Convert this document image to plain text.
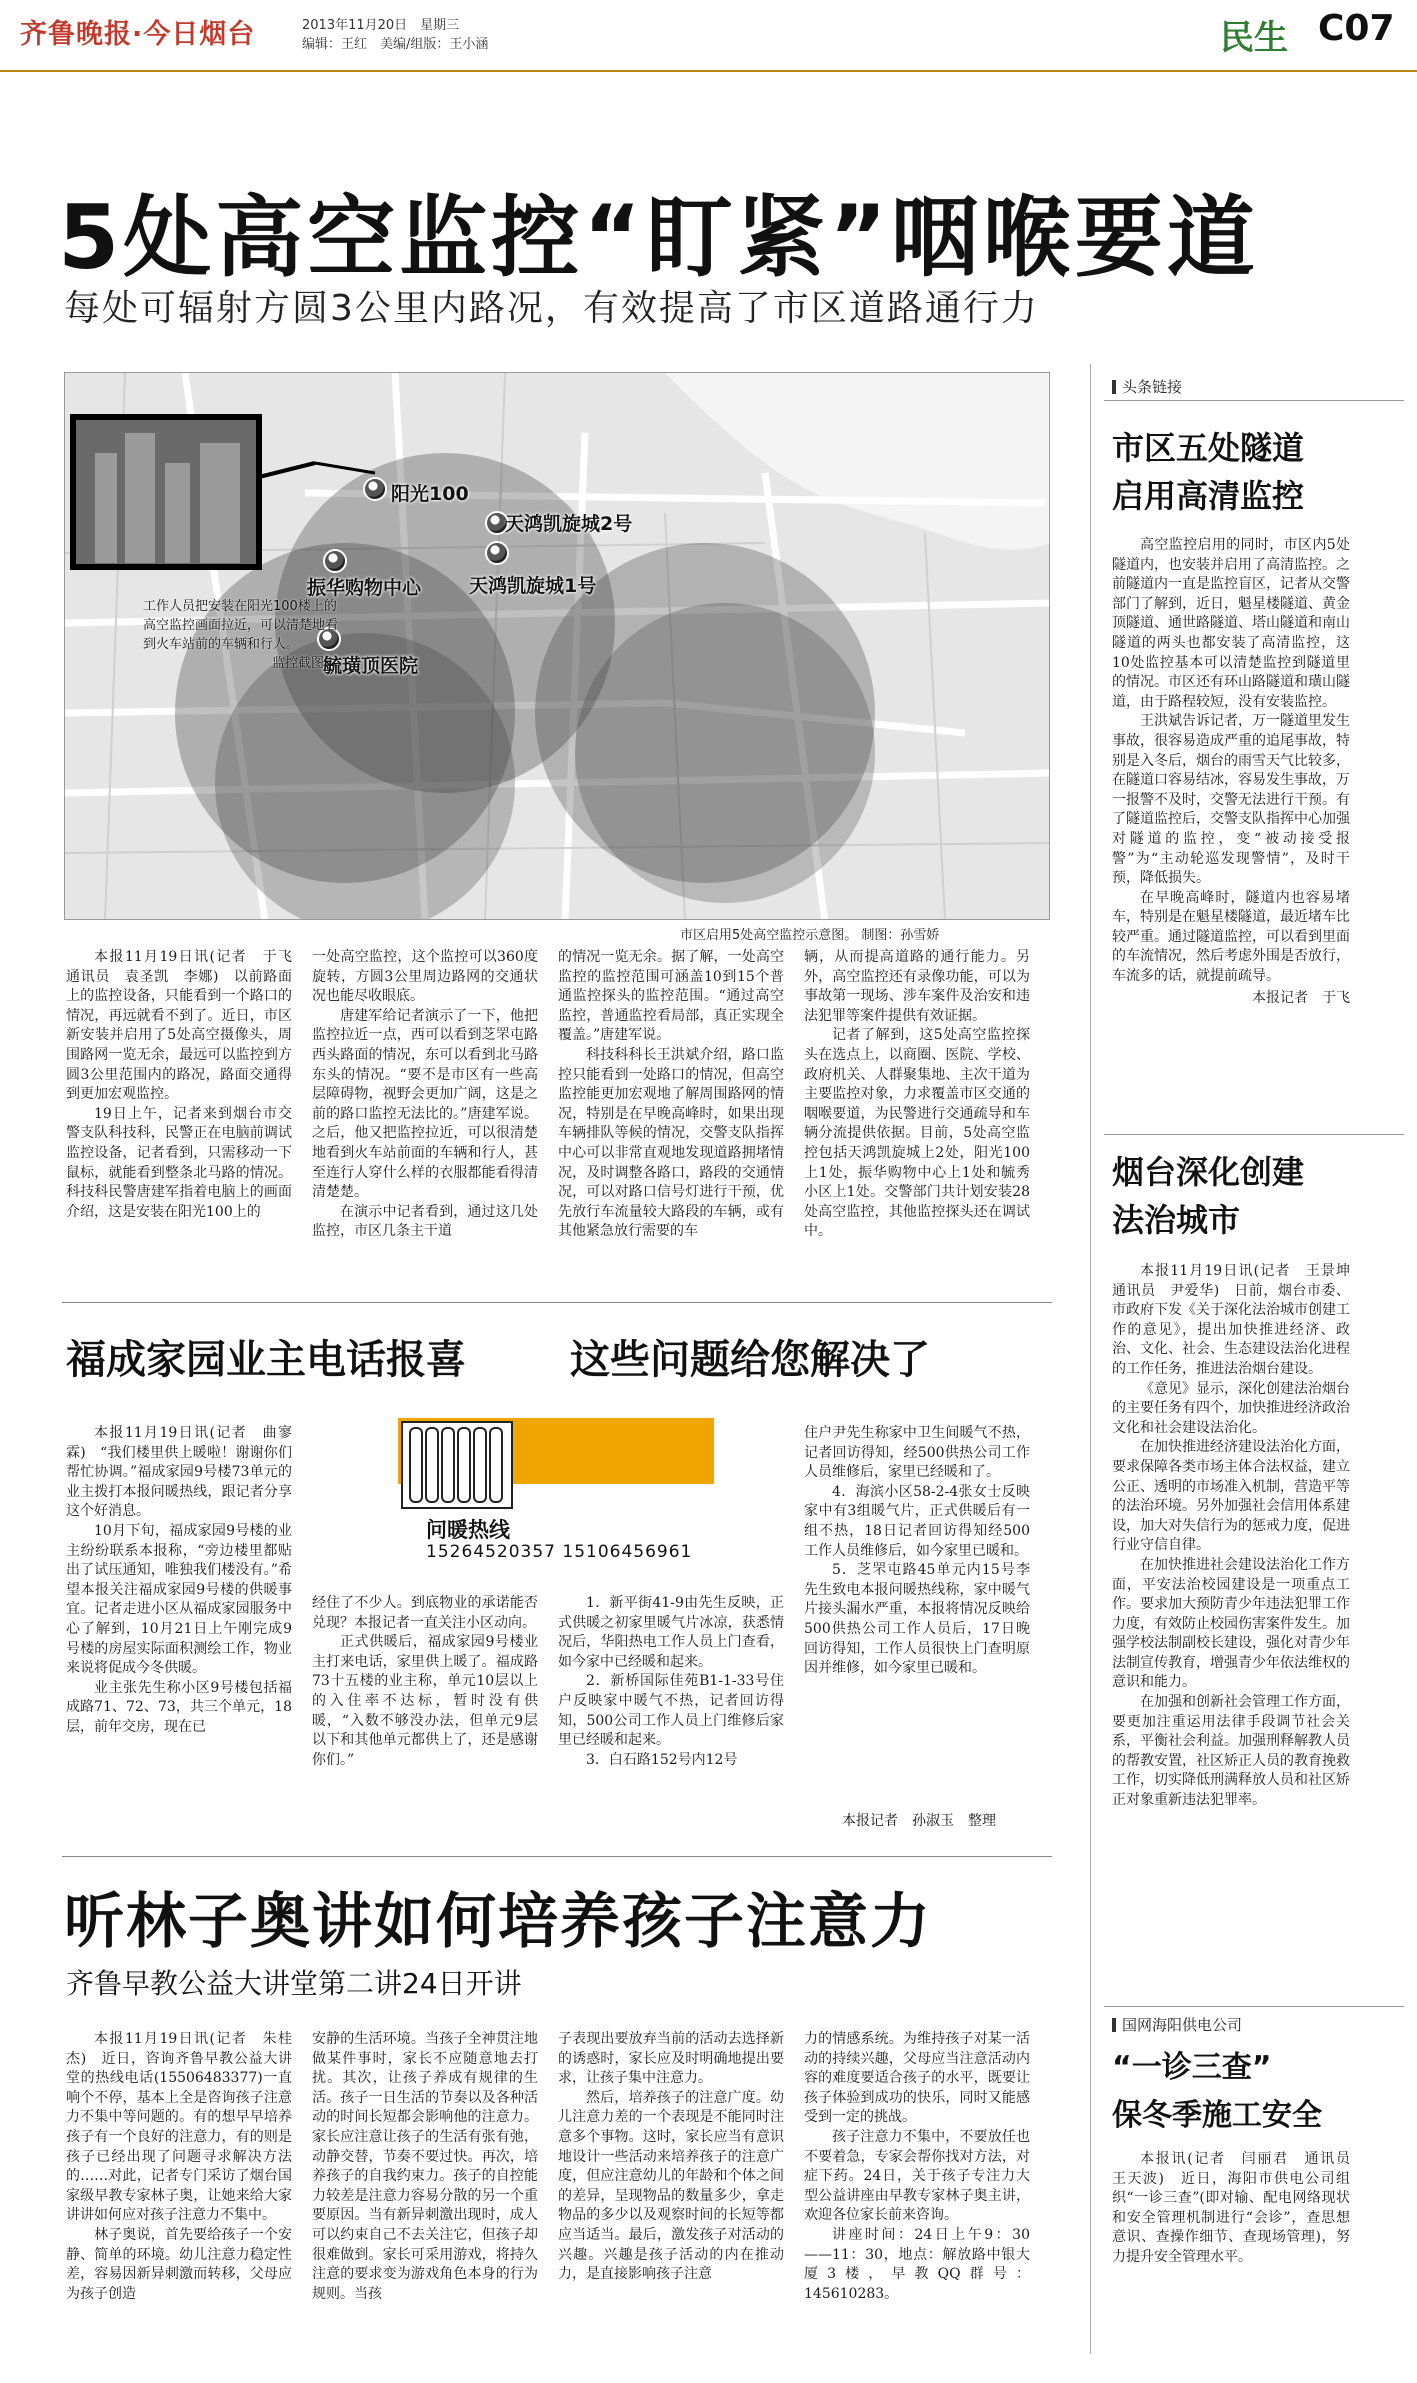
齐鲁晚报·今日烟台	2013年11月20日　星期三
编辑：王红　美编/组版：王小涵	民生 C07
5处高空监控“盯紧”咽喉要道
每处可辐射方圆3公里内路况，有效提高了市区道路通行力
阳光100
振华购物中心
毓璜顶医院
天鸿凯旋城2号
天鸿凯旋城1号
工作人员把安装在阳光100楼上的高空监控画面拉近，可以清楚地看到火车站前的车辆和行人。
监控截图
市区启用5处高空监控示意图。 制图：孙雪娇

本报11月19日讯(记者　于飞　通讯员　袁圣凯　李娜)　以前路面上的监控设备，只能看到一个路口的情况，再远就看不到了。近日，市区新安装并启用了5处高空摄像头，周围路网一览无余，最远可以监控到方圆3公里范围内的路况，路面交通得到更加宏观监控。

19日上午，记者来到烟台市交警支队科技科，民警正在电脑前调试监控设备，记者看到，只需移动一下鼠标，就能看到整条北马路的情况。科技科民警唐建军指着电脑上的画面介绍，这是安装在阳光100上的

一处高空监控，这个监控可以360度旋转，方圆3公里周边路网的交通状况也能尽收眼底。

唐建军给记者演示了一下，他把监控拉近一点，西可以看到芝罘屯路西头路面的情况，东可以看到北马路东头的情况。“要不是市区有一些高层障碍物，视野会更加广阔，这是之前的路口监控无法比的。”唐建军说。之后，他又把监控拉近，可以很清楚地看到火车站前面的车辆和行人，甚至连行人穿什么样的衣服都能看得清清楚楚。

在演示中记者看到，通过这几处监控，市区几条主干道

的情况一览无余。据了解，一处高空监控的监控范围可涵盖10到15个普通监控探头的监控范围。“通过高空监控，普通监控看局部，真正实现全覆盖。”唐建军说。

科技科科长王洪斌介绍，路口监控只能看到一处路口的情况，但高空监控能更加宏观地了解周围路网的情况，特别是在早晚高峰时，如果出现车辆排队等候的情况，交警支队指挥中心可以非常直观地发现道路拥堵情况，及时调整各路口，路段的交通情况，可以对路口信号灯进行干预，优先放行车流量较大路段的车辆，或有其他紧急放行需要的车

辆，从而提高道路的通行能力。另外，高空监控还有录像功能，可以为事故第一现场、涉车案件及治安和违法犯罪等案件提供有效证据。

记者了解到，这5处高空监控探头在选点上，以商圈、医院、学校、政府机关、人群聚集地、主次干道为主要监控对象，力求覆盖市区交通的咽喉要道，为民警进行交通疏导和车辆分流提供依据。目前，5处高空监控包括天鸿凯旋城上2处，阳光100上1处，振华购物中心上1处和毓秀小区上1处。交警部门共计划安装28处高空监控，其他监控探头还在调试中。

福成家园业主电话报喜	这些问题给您解决了

本报11月19日讯(记者　曲寥霖)　“我们楼里供上暖啦！谢谢你们帮忙协调。”福成家园9号楼73单元的业主拨打本报问暖热线，跟记者分享这个好消息。

10月下旬，福成家园9号楼的业主纷纷联系本报称，“旁边楼里都贴出了试压通知，唯独我们楼没有。”希望本报关注福成家园9号楼的供暖事宜。记者走进小区从福成家园服务中心了解到，10月21日上午刚完成9号楼的房屋实际面积测绘工作，物业来说将促成今冬供暖。

业主张先生称小区9号楼包括福成路71、72、73，共三个单元，18层，前年交房，现在已

问暖热线
15264520357 15106456961

经住了不少人。到底物业的承诺能否兑现？本报记者一直关注小区动向。

正式供暖后，福成家园9号楼业主打来电话，家里供上暖了。福成路73十五楼的业主称，单元10层以上的入住率不达标，暂时没有供暖，“入数不够没办法，但单元9层以下和其他单元都供上了，还是感谢你们。”

1．新平街41-9由先生反映，正式供暖之初家里暖气片冰凉，获悉情况后，华阳热电工作人员上门查看，如今家中已经暖和起来。

2．新桥国际佳苑B1-1-33号住户反映家中暖气不热，记者回访得知，500公司工作人员上门维修后家里已经暖和起来。

3．白石路152号内12号

住户尹先生称家中卫生间暖气不热，记者回访得知，经500供热公司工作人员维修后，家里已经暖和了。

4．海滨小区58-2-4张女士反映家中有3组暖气片，正式供暖后有一组不热，18日记者回访得知经500工作人员维修后，如今家里已暖和。

5．芝罘屯路45单元内15号李先生致电本报问暖热线称，家中暖气片接头漏水严重，本报将情况反映给500供热公司工作人员后，17日晚回访得知，工作人员很快上门查明原因并维修，如今家里已暖和。

本报记者　孙淑玉　整理
听林子奥讲如何培养孩子注意力
齐鲁早教公益大讲堂第二讲24日开讲

本报11月19日讯(记者　朱桂杰)　近日，咨询齐鲁早教公益大讲堂的热线电话(15506483377)一直响个不停，基本上全是咨询孩子注意力不集中等问题的。有的想早早培养孩子有一个良好的注意力，有的则是孩子已经出现了问题寻求解决方法的……对此，记者专门采访了烟台国家级早教专家林子奥，让她来给大家讲讲如何应对孩子注意力不集中。

林子奥说，首先要给孩子一个安静、简单的环境。幼儿注意力稳定性差，容易因新异刺激而转移，父母应为孩子创造

安静的生活环境。当孩子全神贯注地做某件事时，家长不应随意地去打扰。其次，让孩子养成有规律的生活。孩子一日生活的节奏以及各种活动的时间长短都会影响他的注意力。家长应注意让孩子的生活有张有弛，动静交替，节奏不要过快。再次，培养孩子的自我约束力。孩子的自控能力较差是注意力容易分散的另一个重要原因。当有新异刺激出现时，成人可以约束自己不去关注它，但孩子却很难做到。家长可采用游戏，将持久注意的要求变为游戏角色本身的行为规则。当孩

子表现出要放弃当前的活动去选择新的诱惑时，家长应及时明确地提出要求，让孩子集中注意力。

然后，培养孩子的注意广度。幼儿注意力差的一个表现是不能同时注意多个事物。这时，家长应当有意识地设计一些活动来培养孩子的注意广度，但应注意幼儿的年龄和个体之间的差异，呈现物品的数量多少，拿走物品的多少以及观察时间的长短等都应当适当。最后，激发孩子对活动的兴趣。兴趣是孩子活动的内在推动力，是直接影响孩子注意

力的情感系统。为维持孩子对某一活动的持续兴趣，父母应当注意活动内容的难度要适合孩子的水平，既要让孩子体验到成功的快乐，同时又能感受到一定的挑战。

孩子注意力不集中，不要放任也不要着急，专家会帮你找对方法，对症下药。24日，关于孩子专注力大型公益讲座由早教专家林子奥主讲，欢迎各位家长前来咨询。

讲座时间：24日上午9：30——11：30，地点：解放路中银大厦3楼，早教QQ群号：145610283。

头条链接
市区五处隧道
启用高清监控

高空监控启用的同时，市区内5处隧道内，也安装并启用了高清监控。之前隧道内一直是监控盲区，记者从交警部门了解到，近日，魁星楼隧道、黄金顶隧道、通世路隧道、塔山隧道和南山隧道的两头也都安装了高清监控，这10处监控基本可以清楚监控到隧道里的情况。市区还有环山路隧道和璜山隧道，由于路程较短，没有安装监控。

王洪斌告诉记者，万一隧道里发生事故，很容易造成严重的追尾事故，特别是入冬后，烟台的雨雪天气比较多，在隧道口容易结冰，容易发生事故，万一报警不及时，交警无法进行干预。有了隧道监控后，交警支队指挥中心加强对隧道的监控，变“被动接受报警”为“主动轮巡发现警情”，及时干预，降低损失。

在早晚高峰时，隧道内也容易堵车，特别是在魁星楼隧道，最近堵车比较严重。通过隧道监控，可以看到里面的车流情况，然后考虑外围是否放行，车流多的话，就提前疏导。

本报记者　于飞

烟台深化创建
法治城市

本报11月19日讯(记者　王景坤　通讯员　尹爱华)　日前，烟台市委、市政府下发《关于深化法治城市创建工作的意见》，提出加快推进经济、政治、文化、社会、生态建设法治化进程的工作任务，推进法治烟台建设。

《意见》显示，深化创建法治烟台的主要任务有四个，加快推进经济政治文化和社会建设法治化。

在加快推进经济建设法治化方面，要求保障各类市场主体合法权益，建立公正、透明的市场准入机制，营造平等的法治环境。另外加强社会信用体系建设，加大对失信行为的惩戒力度，促进行业守信自律。

在加快推进社会建设法治化工作方面，平安法治校园建设是一项重点工作。要求加大预防青少年违法犯罪工作力度，有效防止校园伤害案件发生。加强学校法制副校长建设，强化对青少年法制宣传教育，增强青少年依法维权的意识和能力。

在加强和创新社会管理工作方面，要更加注重运用法律手段调节社会关系，平衡社会利益。加强刑释解教人员的帮教安置，社区矫正人员的教育挽救工作，切实降低刑满释放人员和社区矫正对象重新违法犯罪率。

国网海阳供电公司
“一诊三查”
保冬季施工安全

本报讯(记者　闫丽君　通讯员　王天波)　近日，海阳市供电公司组织“一诊三查”(即对输、配电网络现状和安全管理机制进行“会诊”，查思想意识、查操作细节、查现场管理)，努力提升安全管理水平。
